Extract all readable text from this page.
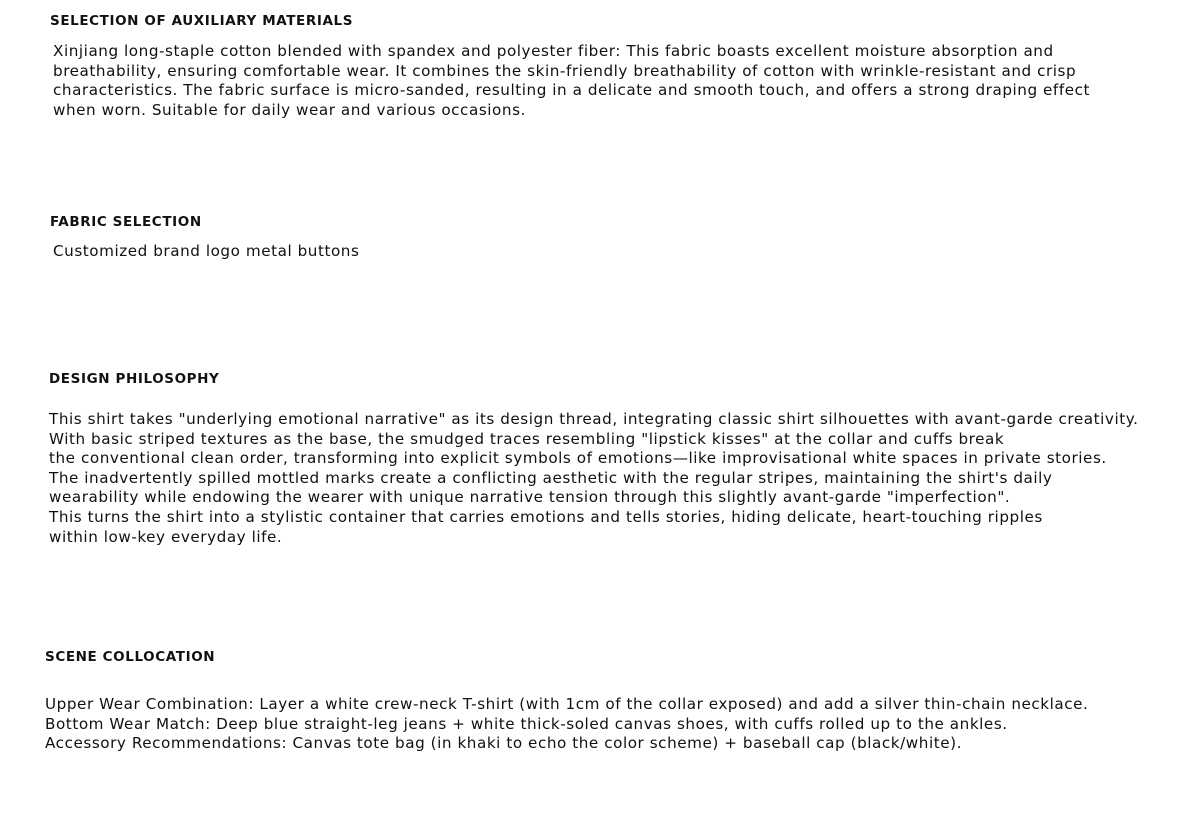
SELECTION OF AUXILIARY MATERIALS
Xinjiang long-staple cotton blended with spandex and polyester fiber: This fabric boasts excellent moisture absorption and
breathability, ensuring comfortable wear. It combines the skin-friendly breathability of cotton with wrinkle-resistant and crisp
characteristics. The fabric surface is micro-sanded, resulting in a delicate and smooth touch, and offers a strong draping effect
when worn. Suitable for daily wear and various occasions.
FABRIC SELECTION
Customized brand logo metal buttons
DESIGN PHILOSOPHY
This shirt takes "underlying emotional narrative" as its design thread, integrating classic shirt silhouettes with avant-garde creativity.
With basic striped textures as the base, the smudged traces resembling "lipstick kisses" at the collar and cuffs break
the conventional clean order, transforming into explicit symbols of emotions—like improvisational white spaces in private stories.
The inadvertently spilled mottled marks create a conflicting aesthetic with the regular stripes, maintaining the shirt's daily
wearability while endowing the wearer with unique narrative tension through this slightly avant-garde "imperfection".
This turns the shirt into a stylistic container that carries emotions and tells stories, hiding delicate, heart-touching ripples
within low-key everyday life.
SCENE COLLOCATION
Upper Wear Combination: Layer a white crew-neck T-shirt (with 1cm of the collar exposed) and add a silver thin-chain necklace.
Bottom Wear Match: Deep blue straight-leg jeans + white thick-soled canvas shoes, with cuffs rolled up to the ankles.
Accessory Recommendations: Canvas tote bag (in khaki to echo the color scheme) + baseball cap (black/white).
